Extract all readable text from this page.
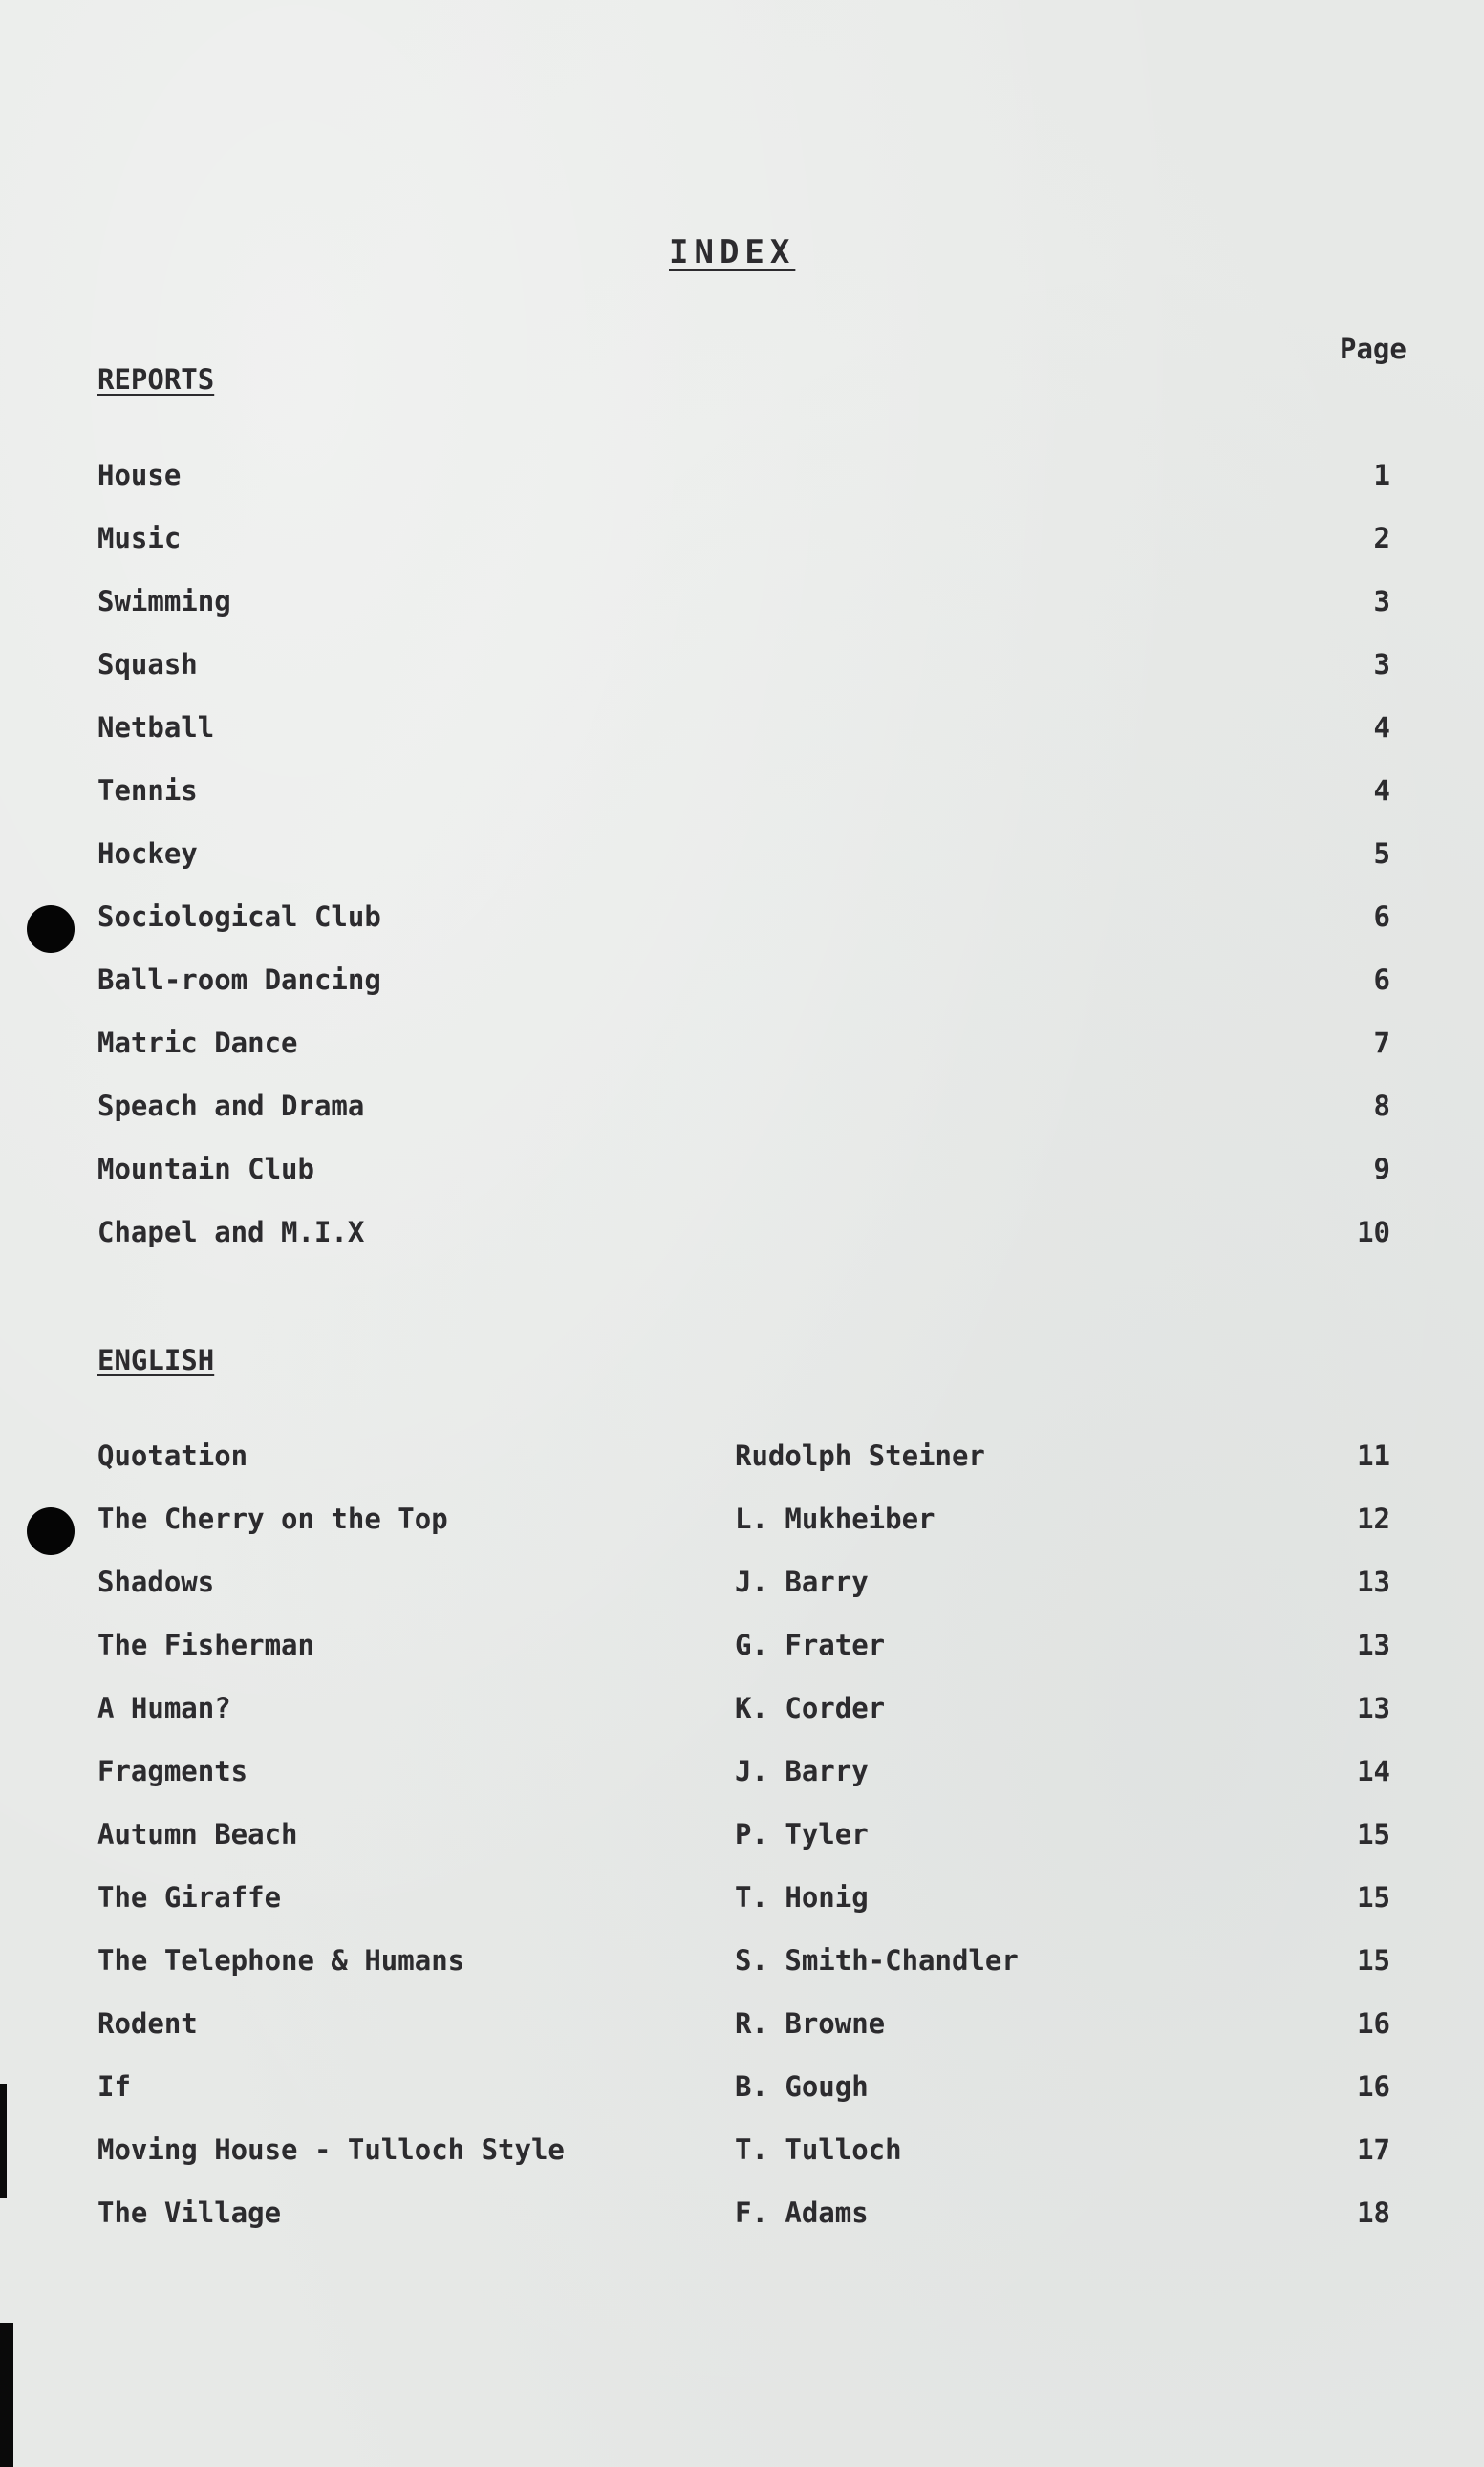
INDEX
Page
REPORTS
House	1
Music	2
Swimming	3
Squash	3
Netball	4
Tennis	4
Hockey	5
Sociological Club	6
Ball-room Dancing	6
Matric Dance	7
Speach and Drama	8
Mountain Club	9
Chapel and M.I.X	10
ENGLISH
Quotation	Rudolph Steiner	11
The Cherry on the Top	L. Mukheiber	12
Shadows	J. Barry	13
The Fisherman	G. Frater	13
A Human?	K. Corder	13
Fragments	J. Barry	14
Autumn Beach	P. Tyler	15
The Giraffe	T. Honig	15
The Telephone & Humans	S. Smith-Chandler	15
Rodent	R. Browne	16
If	B. Gough	16
Moving House - Tulloch Style	T. Tulloch	17
The Village	F. Adams	18
